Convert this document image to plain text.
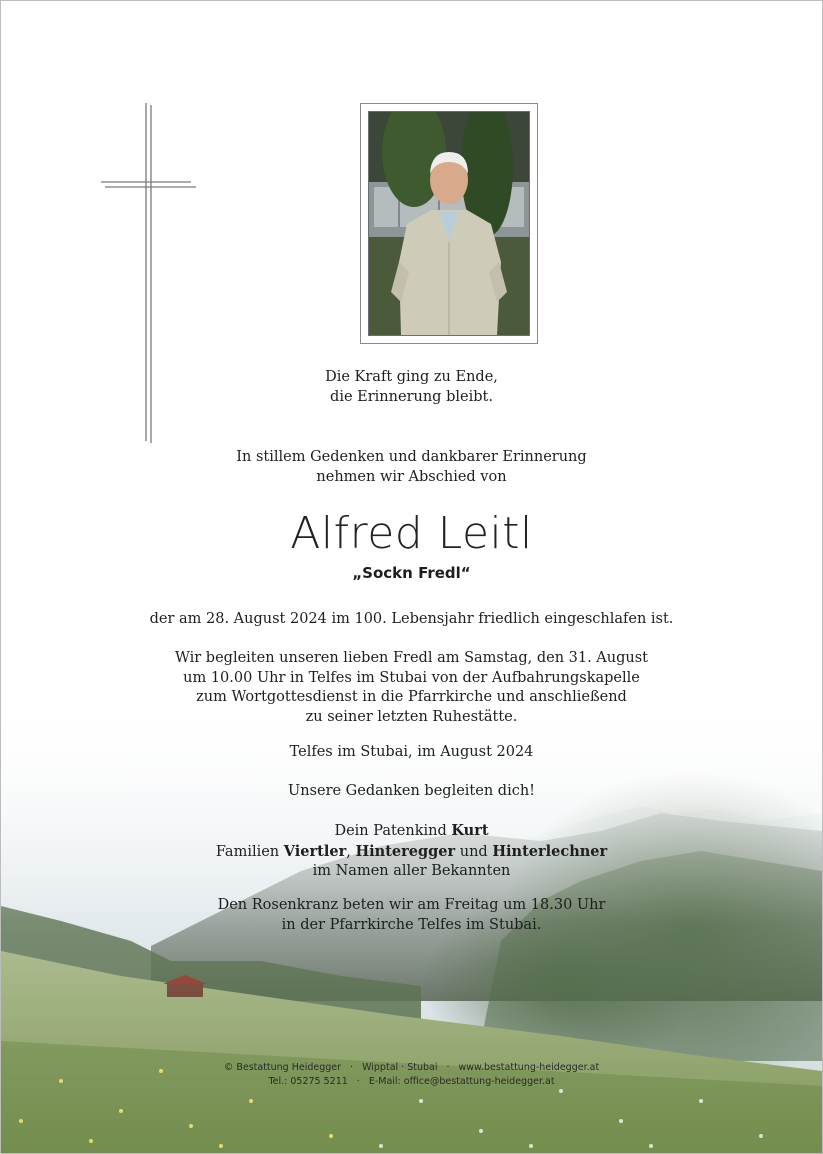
Die Kraft ging zu Ende,
die Erinnerung bleibt.
In stillem Gedenken und dankbarer Erinnerung
nehmen wir Abschied von
Alfred Leitl
„Sockn Fredl“
der am 28. August 2024 im 100. Lebensjahr friedlich eingeschlafen ist.
Wir begleiten unseren lieben Fredl am Samstag, den 31. August
um 10.00 Uhr in Telfes im Stubai von der Aufbahrungskapelle
zum Wortgottesdienst in die Pfarrkirche und anschließend
zu seiner letzten Ruhestätte.
Telfes im Stubai, im August 2024
Unsere Gedanken begleiten dich!
Dein Patenkind Kurt
Familien Viertler, Hinteregger und Hinterlechner
im Namen aller Bekannten
Den Rosenkranz beten wir am Freitag um 18.30 Uhr
in der Pfarrkirche Telfes im Stubai.
© Bestattung Heidegger · Wipptal · Stubai · www.bestattung-heidegger.at
Tel.: 05275 5211 · E-Mail: office@bestattung-heidegger.at
